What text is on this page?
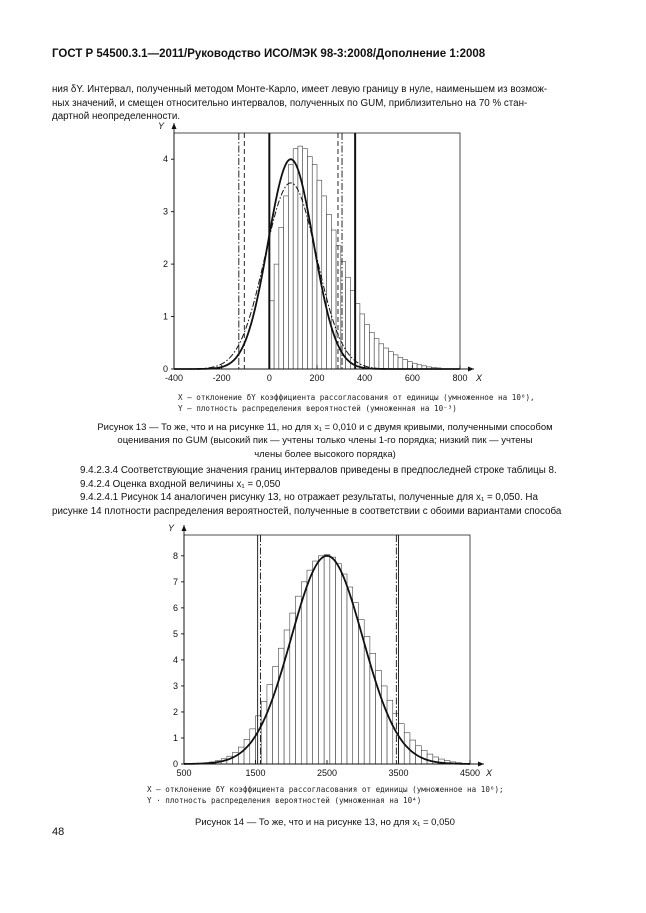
ГОСТ Р 54500.3.1—2011/Руководство ИСО/МЭК 98-3:2008/Дополнение 1:2008
ния δY. Интервал, полученный методом Монте-Карло, имеет левую границу в нуле, наименьшем из возмож-
ных значений, и смещен относительно интервалов, полученных по GUM, приблизительно на 70 % стан-
дартной неопределенности.
-400	-200	0	200	400	600	800
0
1
2
3
4
X
Y
X — отклонение δY коэффициента рассогласования от единицы (умноженное на 10⁶),
Y — плотность распределения вероятностей (умноженная на 10⁻³)
Рисунок 13 — То же, что и на рисунке 11, но для x₁ = 0,010 и с двумя кривыми, полученными способом
оценивания по GUM (высокий пик — учтены только члены 1-го порядка; низкий пик — учтены
члены более высокого порядка)
9.4.2.3.4 Соответствующие значения границ интервалов приведены в предпоследней строке таблицы 8.
9.4.2.4 Оценка входной величины x₁ = 0,050
9.4.2.4.1 Рисунок 14 аналогичен рисунку 13, но отражает результаты, полученные для x₁ = 0,050. На
рисунке 14 плотности распределения вероятностей, полученные в соответствии с обоими вариантами способа
500	1500	2500	3500	4500
0
1
2
3
4
5
6
7
8
X
Y
X — отклонение δY коэффициента рассогласования от единицы (умноженное на 10⁶);
Y · плотность распределения вероятностей (умноженная на 10⁴)
Рисунок 14 — То же, что и на рисунке 13, но для x₁ = 0,050
48
